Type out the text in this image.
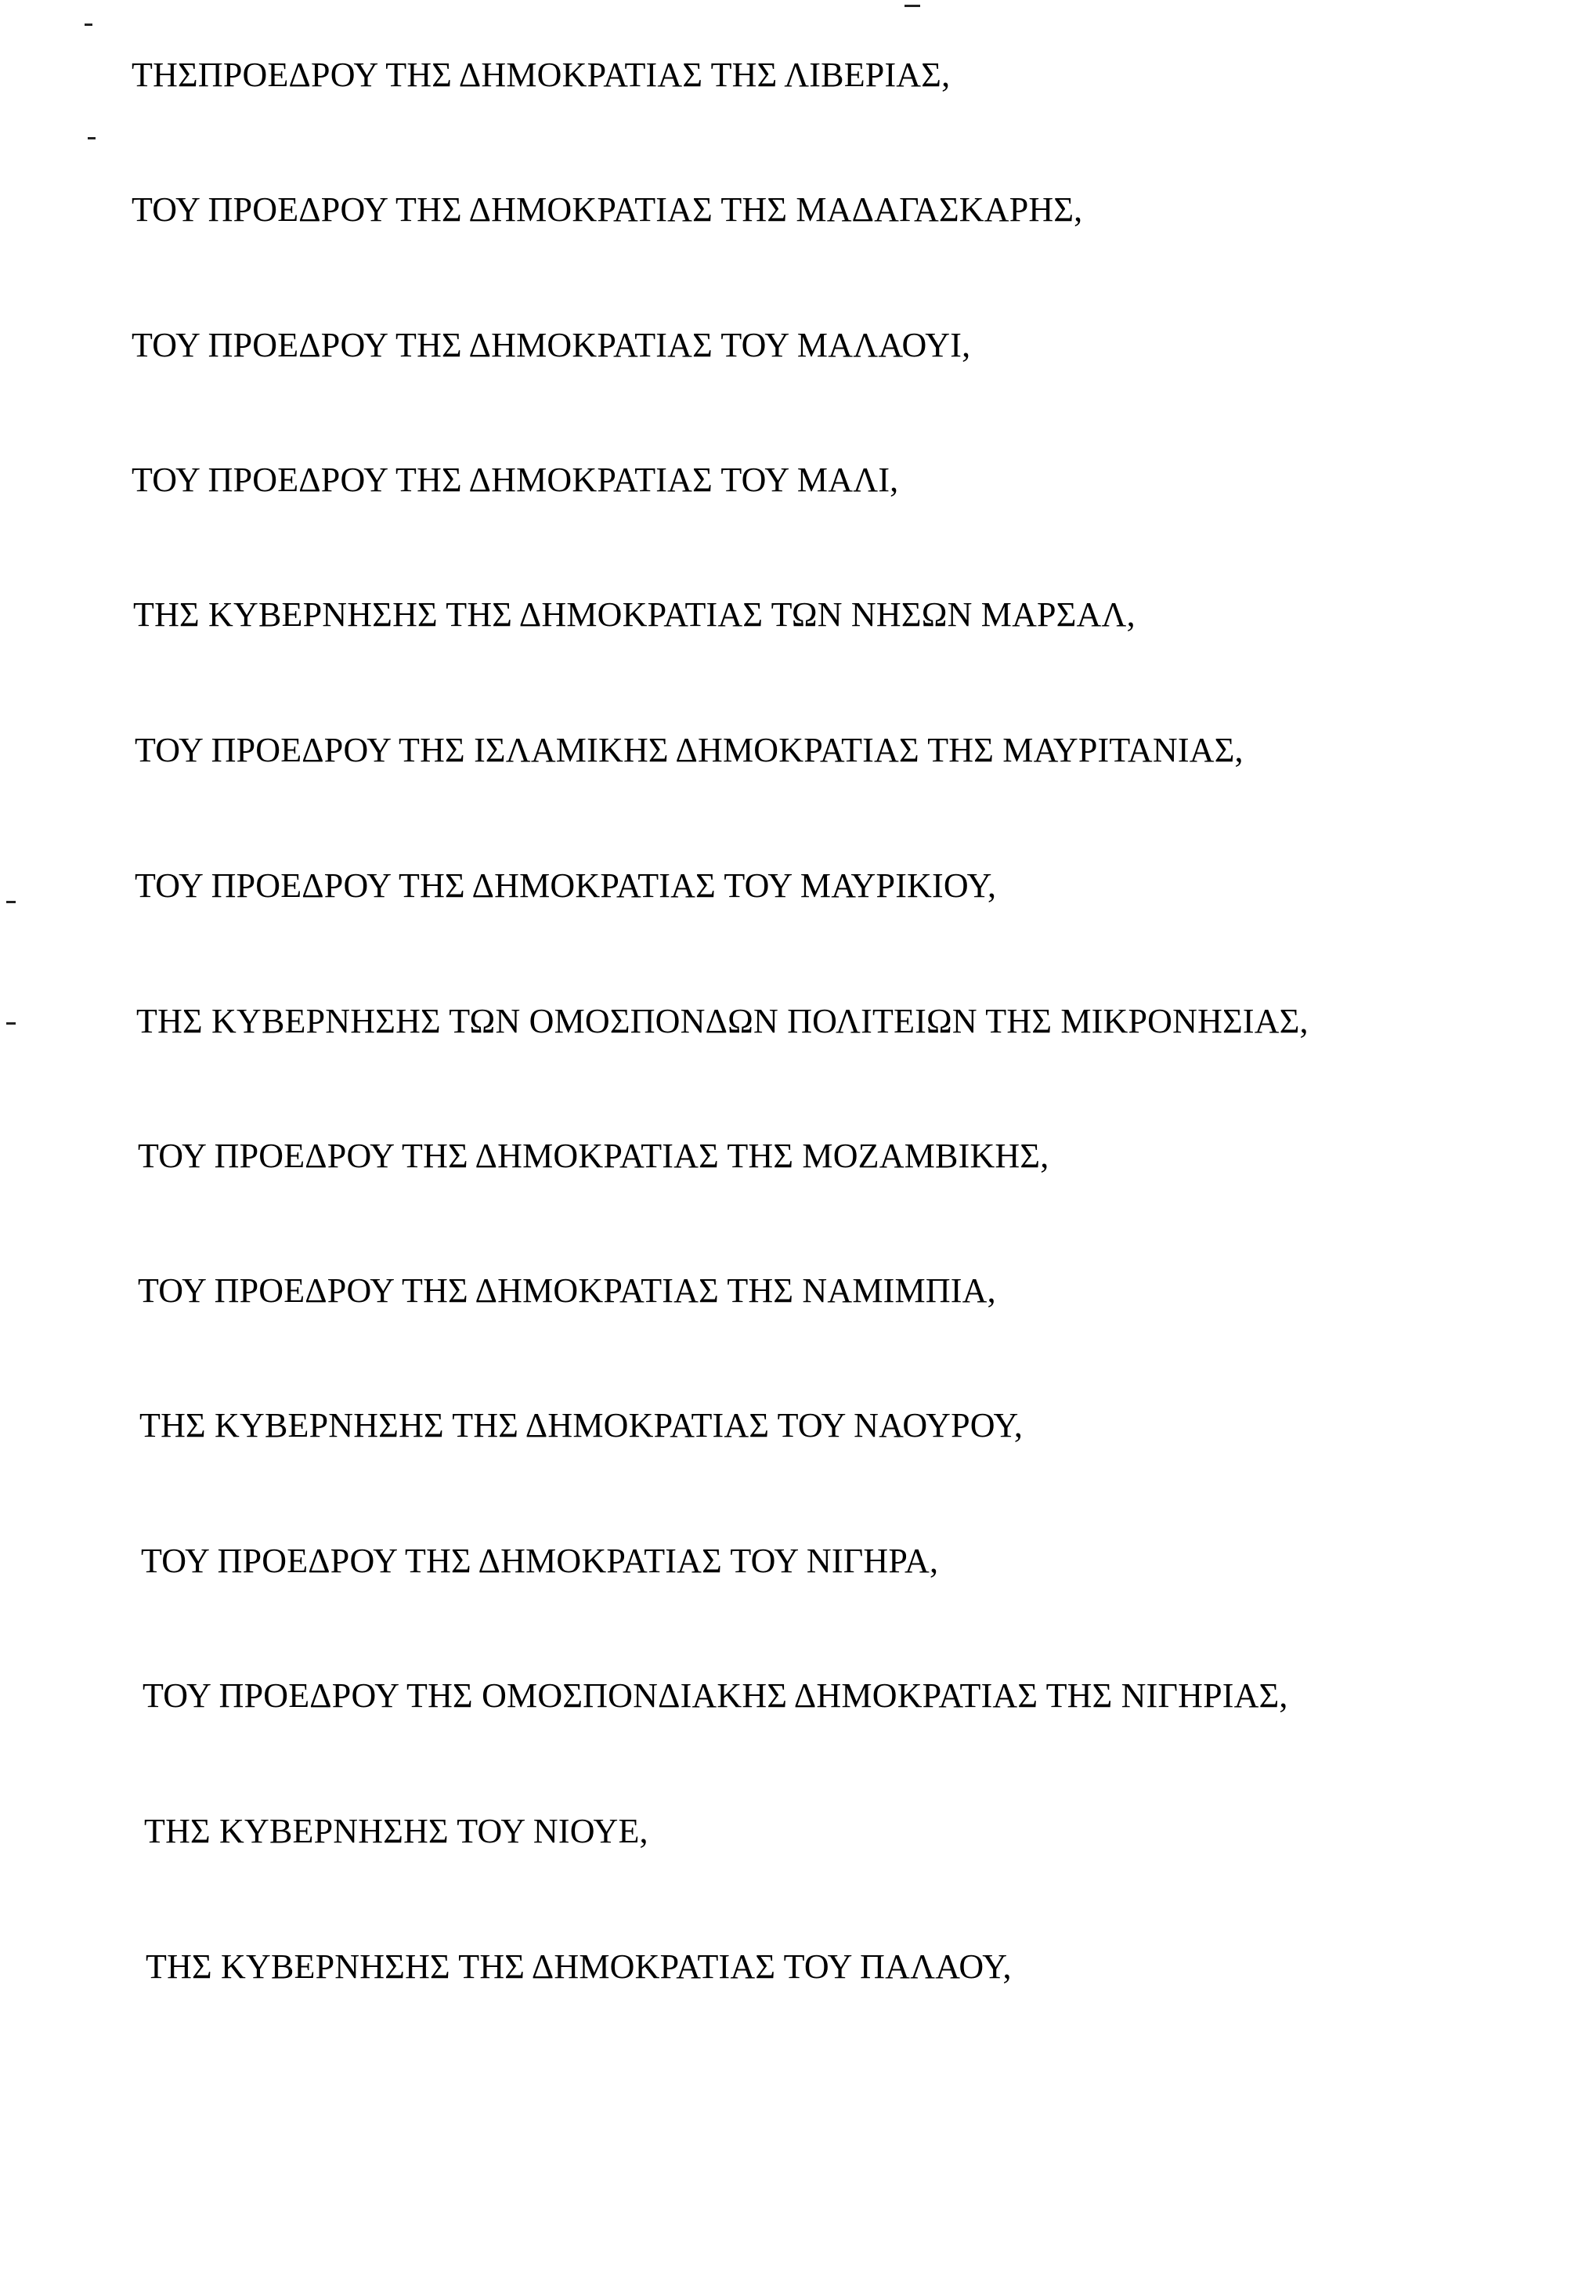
ΤΗΣΠΡΟΕΔΡΟΥ ΤΗΣ ΔΗΜΟΚΡΑΤΙΑΣ ΤΗΣ ΛΙΒΕΡΙΑΣ,
ΤΟΥ ΠΡΟΕΔΡΟΥ ΤΗΣ ΔΗΜΟΚΡΑΤΙΑΣ ΤΗΣ ΜΑΔΑΓΑΣΚΑΡΗΣ,
ΤΟΥ ΠΡΟΕΔΡΟΥ ΤΗΣ ΔΗΜΟΚΡΑΤΙΑΣ ΤΟΥ ΜΑΛΑΟΥΙ,
ΤΟΥ ΠΡΟΕΔΡΟΥ ΤΗΣ ΔΗΜΟΚΡΑΤΙΑΣ ΤΟΥ ΜΑΛΙ,
ΤΗΣ ΚΥΒΕΡΝΗΣΗΣ ΤΗΣ ΔΗΜΟΚΡΑΤΙΑΣ ΤΩΝ ΝΗΣΩΝ ΜΑΡΣΑΛ,
ΤΟΥ ΠΡΟΕΔΡΟΥ ΤΗΣ ΙΣΛΑΜΙΚΗΣ ΔΗΜΟΚΡΑΤΙΑΣ ΤΗΣ ΜΑΥΡΙΤΑΝΙΑΣ,
ΤΟΥ ΠΡΟΕΔΡΟΥ ΤΗΣ ΔΗΜΟΚΡΑΤΙΑΣ ΤΟΥ ΜΑΥΡΙΚΙΟΥ,
ΤΗΣ ΚΥΒΕΡΝΗΣΗΣ ΤΩΝ ΟΜΟΣΠΟΝΔΩΝ ΠΟΛΙΤΕΙΩΝ ΤΗΣ ΜΙΚΡΟΝΗΣΙΑΣ,
ΤΟΥ ΠΡΟΕΔΡΟΥ ΤΗΣ ΔΗΜΟΚΡΑΤΙΑΣ ΤΗΣ ΜΟΖΑΜΒΙΚΗΣ,
ΤΟΥ ΠΡΟΕΔΡΟΥ ΤΗΣ ΔΗΜΟΚΡΑΤΙΑΣ ΤΗΣ ΝΑΜΙΜΠΙΑ,
ΤΗΣ ΚΥΒΕΡΝΗΣΗΣ ΤΗΣ ΔΗΜΟΚΡΑΤΙΑΣ ΤΟΥ ΝΑΟΥΡΟΥ,
ΤΟΥ ΠΡΟΕΔΡΟΥ ΤΗΣ ΔΗΜΟΚΡΑΤΙΑΣ ΤΟΥ ΝΙΓΗΡΑ,
ΤΟΥ ΠΡΟΕΔΡΟΥ ΤΗΣ ΟΜΟΣΠΟΝΔΙΑΚΗΣ ΔΗΜΟΚΡΑΤΙΑΣ ΤΗΣ ΝΙΓΗΡΙΑΣ,
ΤΗΣ ΚΥΒΕΡΝΗΣΗΣ ΤΟΥ ΝΙΟΥΕ,
ΤΗΣ ΚΥΒΕΡΝΗΣΗΣ ΤΗΣ ΔΗΜΟΚΡΑΤΙΑΣ ΤΟΥ ΠΑΛΑΟΥ,
